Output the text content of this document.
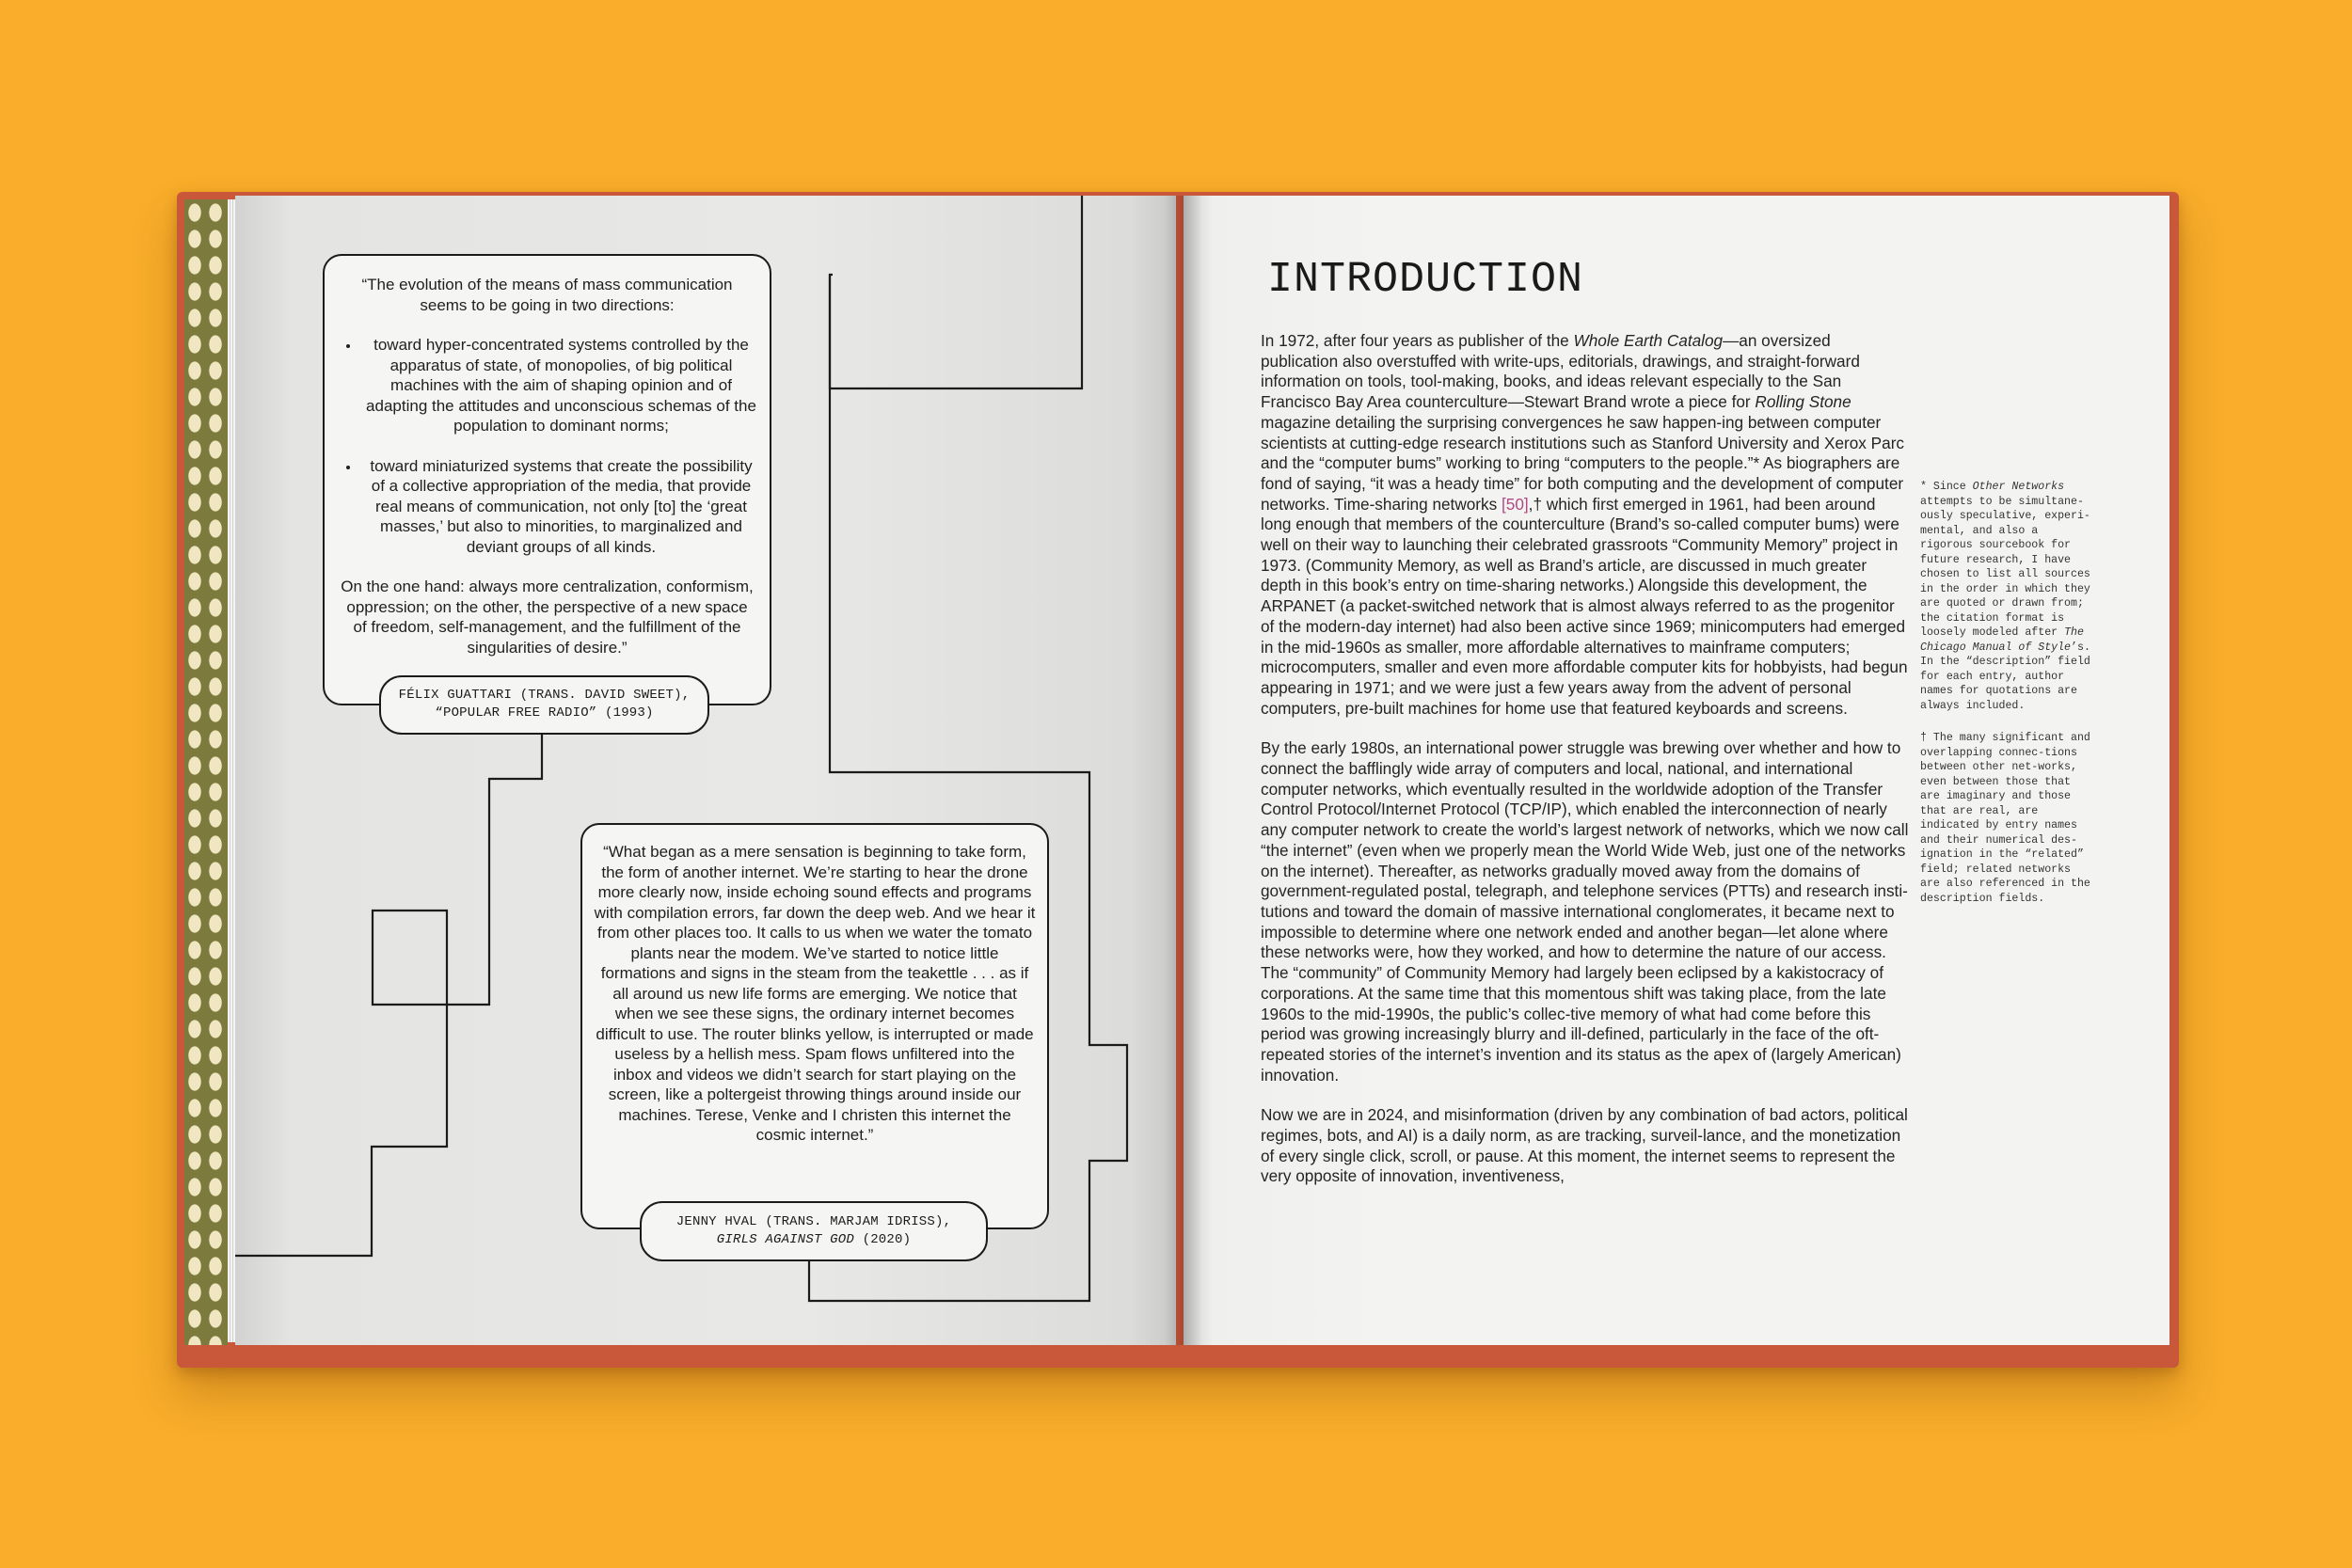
“The evolution of the means of mass communication seems to be going in two directions:

• toward hyper-concentrated systems controlled by the apparatus of state, of monopolies, of big political machines with the aim of shaping opinion and of adapting the attitudes and unconscious schemas of the population to dominant norms;
• toward miniaturized systems that create the possibility of a collective appropriation of the media, that provide real means of communication, not only [to] the ‘great masses,’ but also to minorities, to marginalized and deviant groups of all kinds.

On the one hand: always more centralization, conformism, oppression; on the other, the perspective of a new space of freedom, self-management, and the fulfillment of the singularities of desire.”

FÉLIX GUATTARI (TRANS. DAVID SWEET),
“POPULAR FREE RADIO” (1993)

“What began as a mere sensation is beginning to take form, the form of another internet. We’re starting to hear the drone more clearly now, inside echoing sound effects and programs with compilation errors, far down the deep web. And we hear it from other places too. It calls to us when we water the tomato plants near the modem. We’ve started to notice little formations and signs in the steam from the teakettle . . . as if all around us new life forms are emerging. We notice that when we see these signs, the ordinary internet becomes difficult to use. The router blinks yellow, is interrupted or made useless by a hellish mess. Spam flows unfiltered into the inbox and videos we didn’t search for start playing on the screen, like a poltergeist throwing things around inside our machines. Terese, Venke and I christen this internet the cosmic internet.”

JENNY HVAL (TRANS. MARJAM IDRISS),
GIRLS AGAINST GOD (2020)
INTRODUCTION

In 1972, after four years as publisher of the Whole Earth Catalog—an oversized publication also overstuffed with write-ups, editorials, drawings, and straight-forward information on tools, tool-making, books, and ideas relevant especially to the San Francisco Bay Area counterculture—Stewart Brand wrote a piece for Rolling Stone magazine detailing the surprising convergences he saw happen-ing between computer scientists at cutting-edge research institutions such as Stanford University and Xerox Parc and the “computer bums” working to bring “computers to the people.”* As biographers are fond of saying, “it was a heady time” for both computing and the development of computer networks. Time-sharing networks [50],† which first emerged in 1961, had been around long enough that members of the counterculture (Brand’s so-called computer bums) were well on their way to launching their celebrated grassroots “Community Memory” project in 1973. (Community Memory, as well as Brand’s article, are discussed in much greater depth in this book’s entry on time-sharing networks.) Alongside this development, the ARPANET (a packet-switched network that is almost always referred to as the progenitor of the modern-day internet) had also been active since 1969; minicomputers had emerged in the mid-1960s as smaller, more affordable alternatives to mainframe computers; microcomputers, smaller and even more affordable computer kits for hobbyists, had begun appearing in 1971; and we were just a few years away from the advent of personal computers, pre-built machines for home use that featured keyboards and screens.

By the early 1980s, an international power struggle was brewing over whether and how to connect the bafflingly wide array of computers and local, national, and international computer networks, which eventually resulted in the worldwide adoption of the Transfer Control Protocol/Internet Protocol (TCP/IP), which enabled the interconnection of nearly any computer network to create the world’s largest network of networks, which we now call “the internet” (even when we properly mean the World Wide Web, just one of the networks on the internet). Thereafter, as networks gradually moved away from the domains of government-regulated postal, telegraph, and telephone services (PTTs) and research insti-tutions and toward the domain of massive international conglomerates, it became next to impossible to determine where one network ended and another began—let alone where these networks were, how they worked, and how to determine the nature of our access. The “community” of Community Memory had largely been eclipsed by a kakistocracy of corporations. At the same time that this momentous shift was taking place, from the late 1960s to the mid-1990s, the public’s collec-tive memory of what had come before this period was growing increasingly blurry and ill-defined, particularly in the face of the oft-repeated stories of the internet’s invention and its status as the apex of (largely American) innovation.

Now we are in 2024, and misinformation (driven by any combination of bad actors, political regimes, bots, and AI) is a daily norm, as are tracking, surveil-lance, and the monetization of every single click, scroll, or pause. At this moment, the internet seems to represent the very opposite of innovation, inventiveness,

* Since Other Networks attempts to be simultane-ously speculative, experi-mental, and also a rigorous sourcebook for future research, I have chosen to list all sources in the order in which they are quoted or drawn from; the citation format is loosely modeled after The Chicago Manual of Style’s. In the “description” field for each entry, author names for quotations are always included.

† The many significant and overlapping connec-tions between other net-works, even between those that are imaginary and those that are real, are indicated by entry names and their numerical des-ignation in the “related” field; related networks are also referenced in the description fields.
